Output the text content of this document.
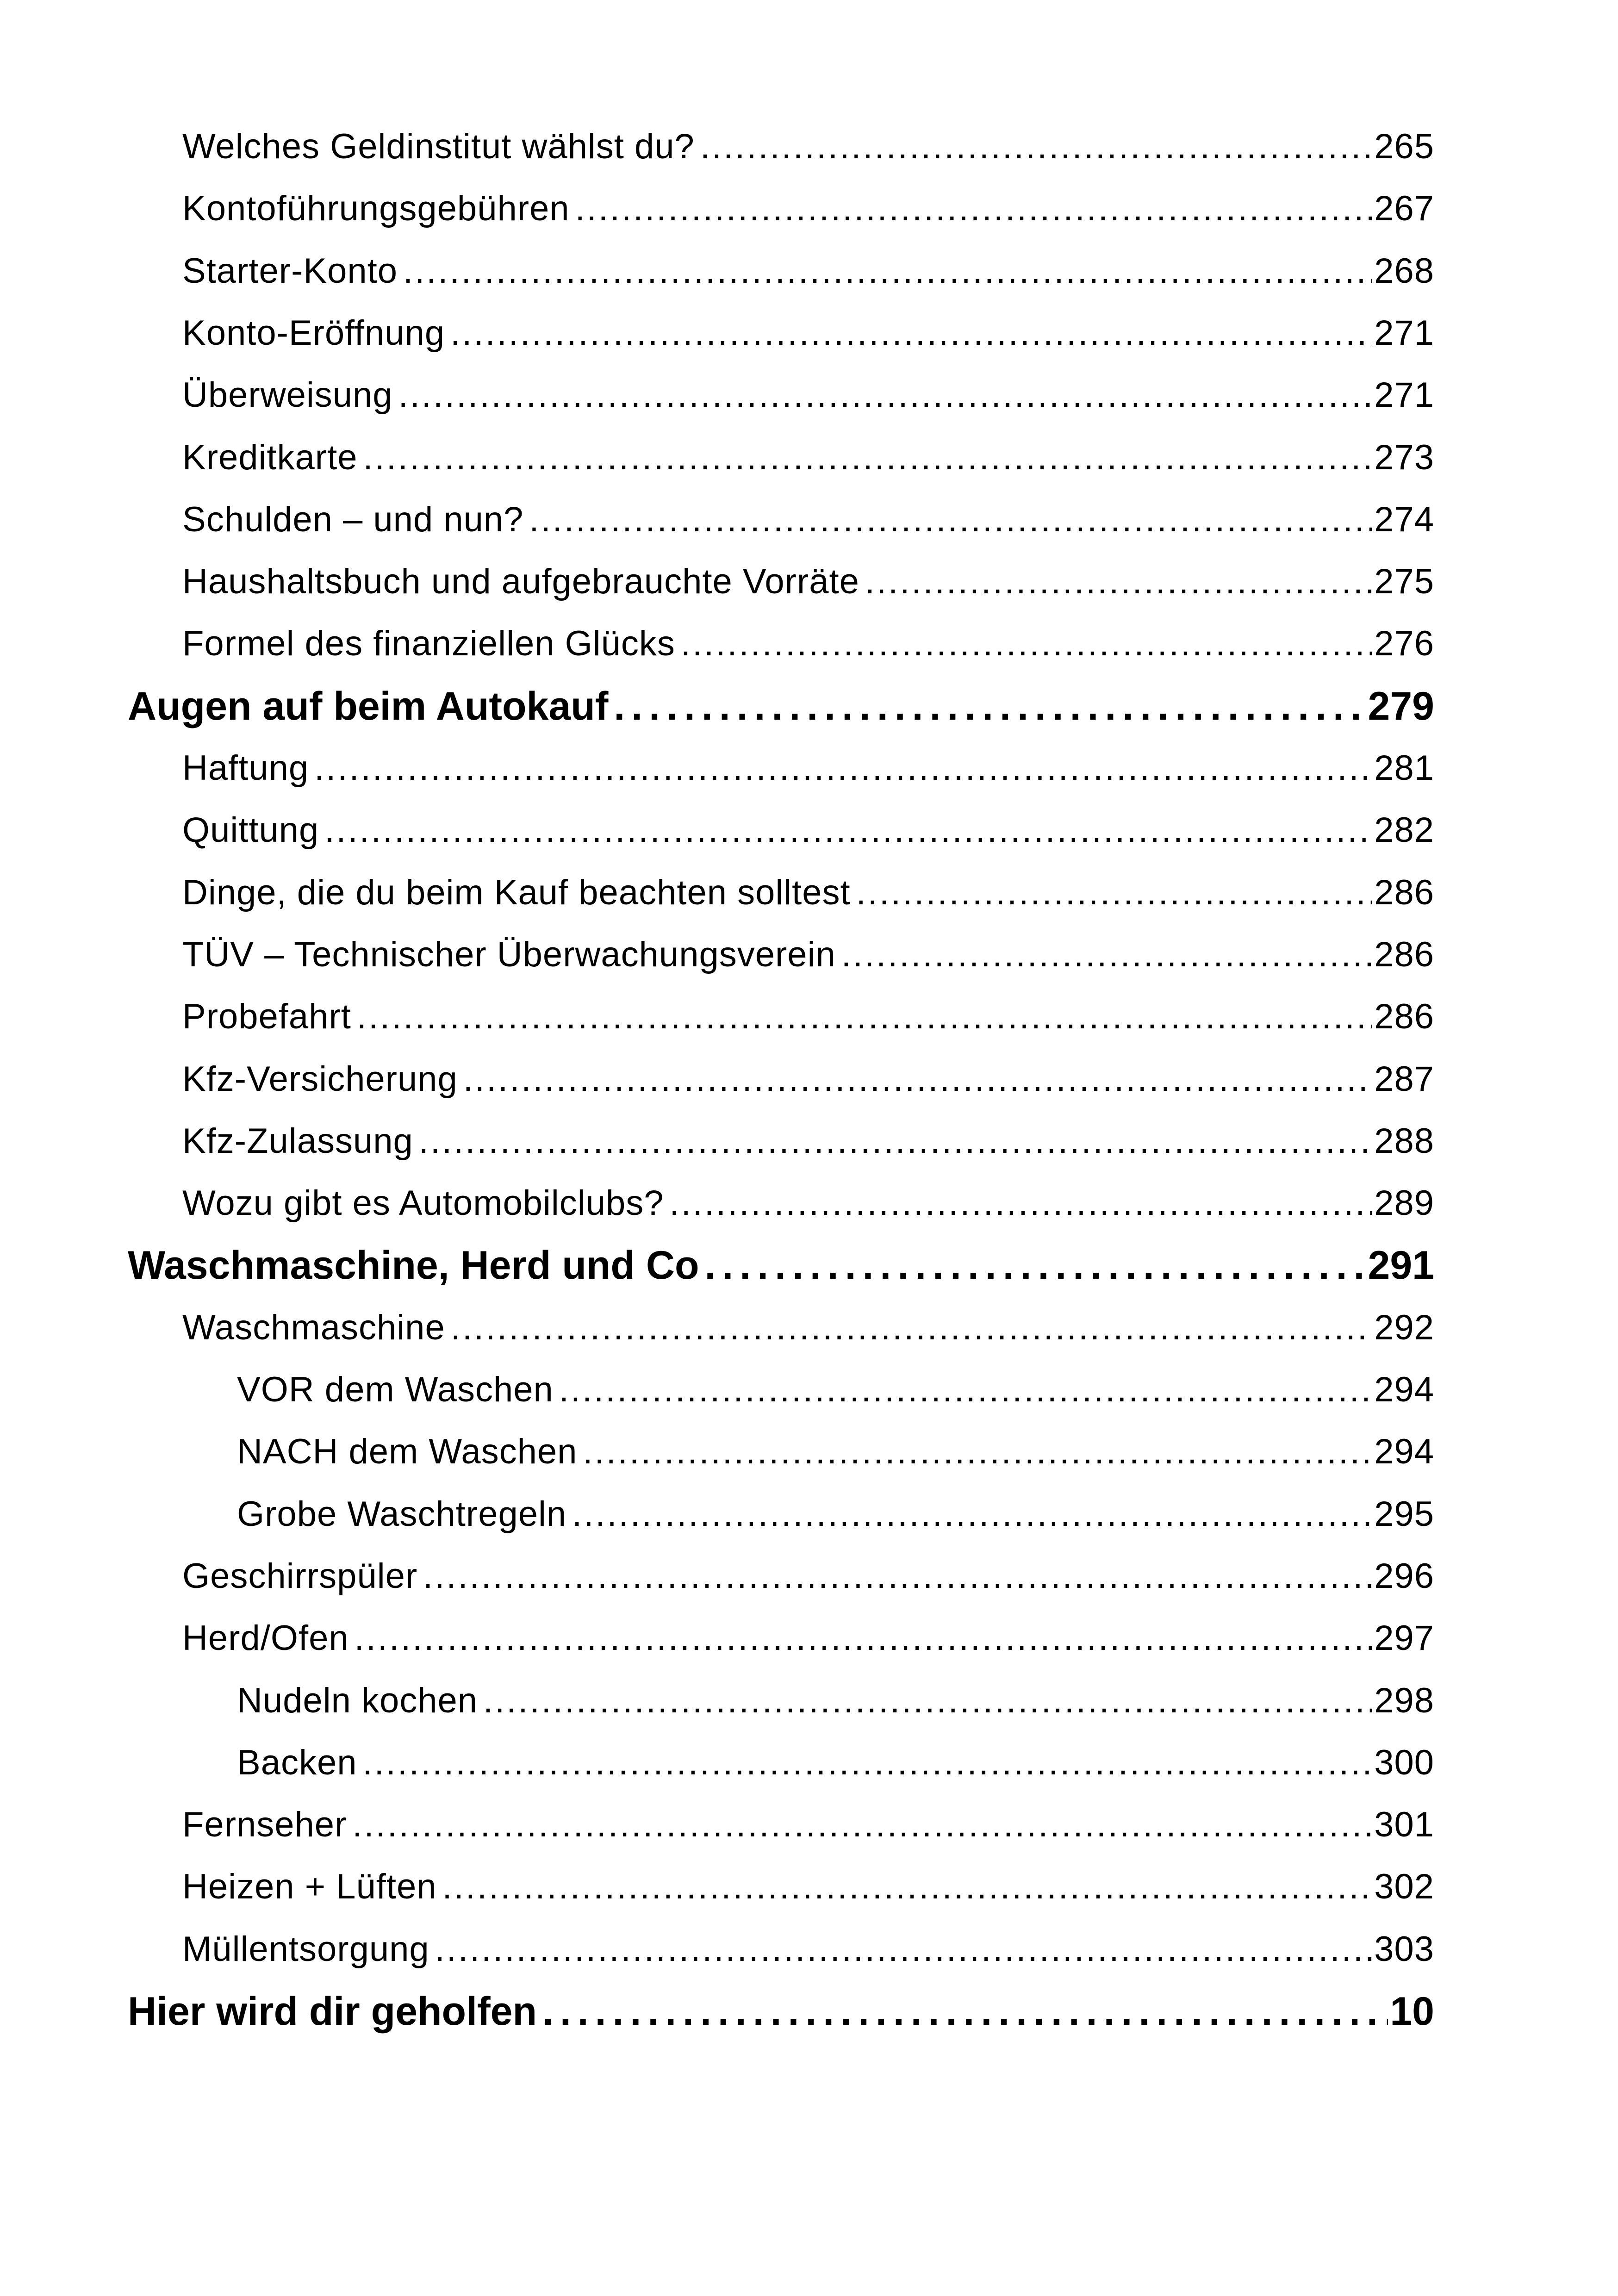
Welches Geldinstitut wählst du? .....	265
Kontoführungsgebühren .....	267
Starter-Konto .....	268
Konto-Eröffnung .....	271
Überweisung .....	271
Kreditkarte .....	273
Schulden – und nun? .....	274
Haushaltsbuch und aufgebrauchte Vorräte .....	275
Formel des finanziellen Glücks .....	276
Augen auf beim Autokauf .....	279
Haftung .....	281
Quittung .....	282
Dinge, die du beim Kauf beachten solltest .....	286
TÜV – Technischer Überwachungsverein .....	286
Probefahrt .....	286
Kfz-Versicherung .....	287
Kfz-Zulassung .....	288
Wozu gibt es Automobilclubs? .....	289
Waschmaschine, Herd und Co .....	291
Waschmaschine .....	292
VOR dem Waschen .....	294
NACH dem Waschen .....	294
Grobe Waschtregeln .....	295
Geschirrspüler .....	296
Herd/Ofen .....	297
Nudeln kochen .....	298
Backen .....	300
Fernseher .....	301
Heizen + Lüften .....	302
Müllentsorgung .....	303
Hier wird dir geholfen .....	10
